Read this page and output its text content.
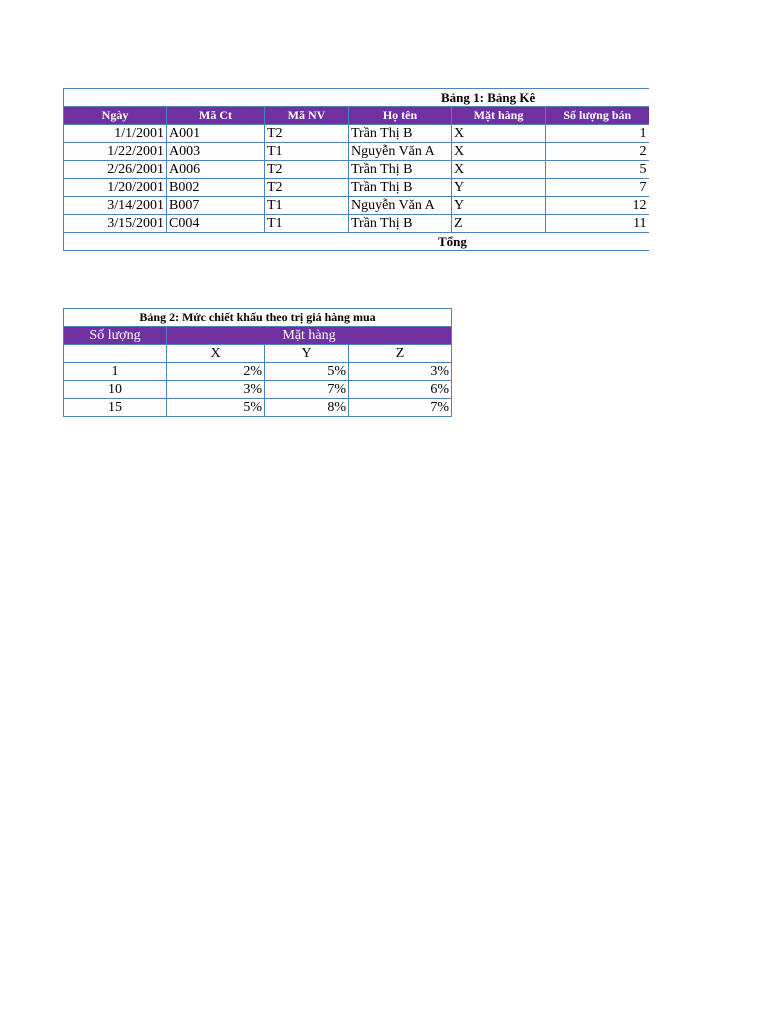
Bảng 1: Bảng Kê					
Ngày	Mã Ct	Mã NV	Họ tên	Mặt hàng	Số lượng bán
1/1/2001	A001	T2	Trần Thị B	X	1
1/22/2001	A003	T1	Nguyễn Văn A	X	2
2/26/2001	A006	T2	Trần Thị B	X	5
1/20/2001	B002	T2	Trần Thị B	Y	7
3/14/2001	B007	T1	Nguyễn Văn A	Y	12
3/15/2001	C004	T1	Trần Thị B	Z	11
Tổng					
Bảng 2: Mức chiết khấu theo trị giá hàng mua			
Số lượng	Mặt hàng		
	X	Y	Z
1	2%	5%	3%
10	3%	7%	6%
15	5%	8%	7%
